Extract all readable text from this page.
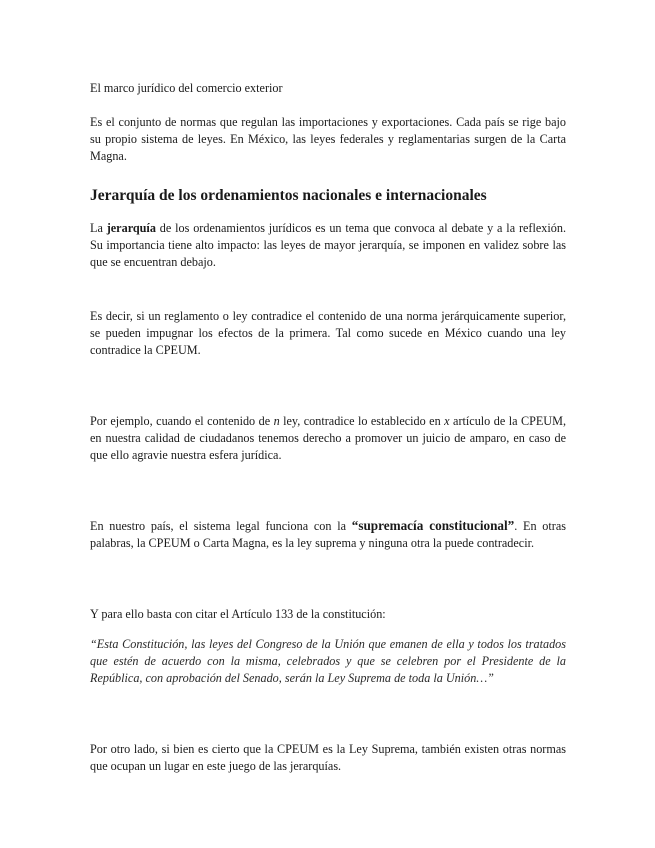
El marco jurídico del comercio exterior

Es el conjunto de normas que regulan las importaciones y exportaciones. Cada país se rige bajo su propio sistema de leyes. En México, las leyes federales y reglamentarias surgen de la Carta Magna.

Jerarquía de los ordenamientos nacionales e internacionales

La jerarquía de los ordenamientos jurídicos es un tema que convoca al debate y a la reflexión. Su importancia tiene alto impacto: las leyes de mayor jerarquía, se imponen en validez sobre las que se encuentran debajo.

Es decir, si un reglamento o ley contradice el contenido de una norma jerárquicamente superior, se pueden impugnar los efectos de la primera. Tal como sucede en México cuando una ley contradice la CPEUM.

Por ejemplo, cuando el contenido de n ley, contradice lo establecido en x artículo de la CPEUM, en nuestra calidad de ciudadanos tenemos derecho a promover un juicio de amparo, en caso de que ello agravie nuestra esfera jurídica.

En nuestro país, el sistema legal funciona con la “supremacía constitucional”. En otras palabras, la CPEUM o Carta Magna, es la ley suprema y ninguna otra la puede contradecir.

Y para ello basta con citar el Artículo 133 de la constitución:

“Esta Constitución, las leyes del Congreso de la Unión que emanen de ella y todos los tratados que estén de acuerdo con la misma, celebrados y que se celebren por el Presidente de la República, con aprobación del Senado, serán la Ley Suprema de toda la Unión…”

Por otro lado, si bien es cierto que la CPEUM es la Ley Suprema, también existen otras normas que ocupan un lugar en este juego de las jerarquías.
